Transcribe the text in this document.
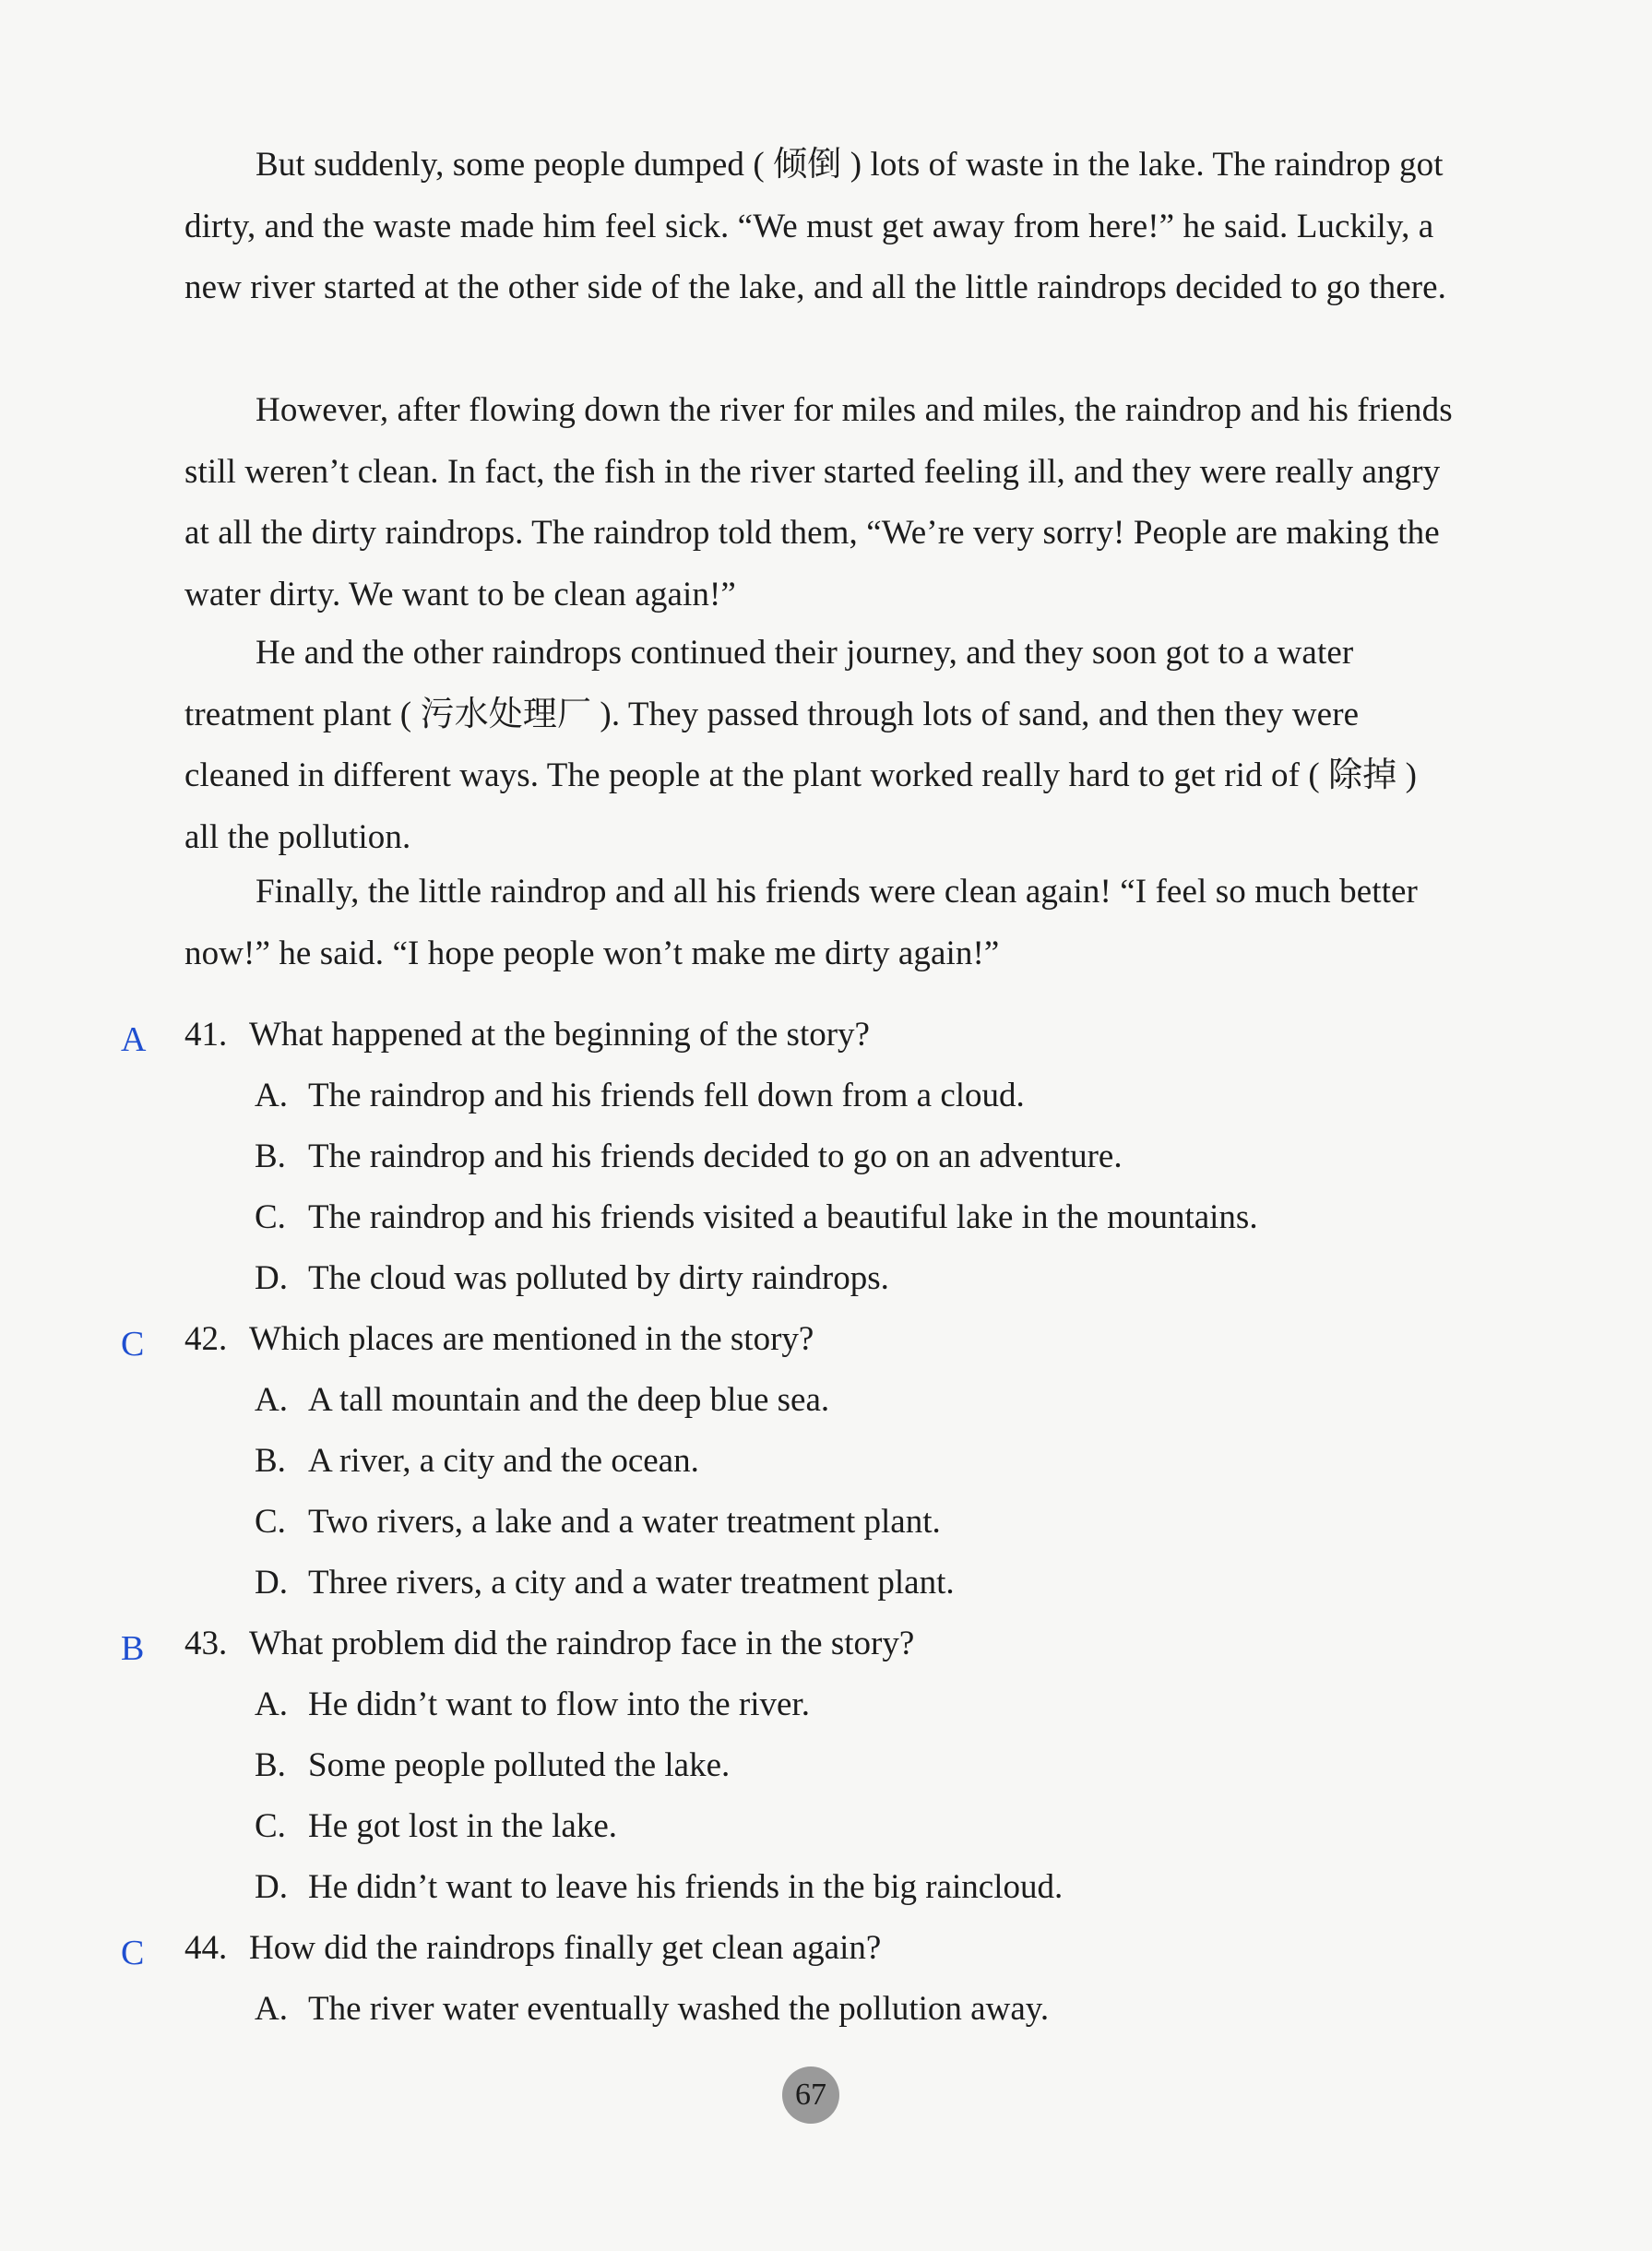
But suddenly, some people dumped ( 倾倒 ) lots of waste in the lake. The raindrop got dirty, and the waste made him feel sick. “We must get away from here!” he said. Luckily, a new river started at the other side of the lake, and all the little raindrops decided to go there.

However, after flowing down the river for miles and miles, the raindrop and his friends still weren’t clean. In fact, the fish in the river started feeling ill, and they were really angry at all the dirty raindrops. The raindrop told them, “We’re very sorry! People are making the water dirty. We want to be clean again!”

He and the other raindrops continued their journey, and they soon got to a water treatment plant ( 污水处理厂 ). They passed through lots of sand, and then they were cleaned in different ways. The people at the plant worked really hard to get rid of ( 除掉 ) all the pollution.

Finally, the little raindrop and all his friends were clean again! “I feel so much better now!” he said. “I hope people won’t make me dirty again!”

A 41. What happened at the beginning of the story?
A. The raindrop and his friends fell down from a cloud.
B. The raindrop and his friends decided to go on an adventure.
C. The raindrop and his friends visited a beautiful lake in the mountains.
D. The cloud was polluted by dirty raindrops.
C 42. Which places are mentioned in the story?
A. A tall mountain and the deep blue sea.
B. A river, a city and the ocean.
C. Two rivers, a lake and a water treatment plant.
D. Three rivers, a city and a water treatment plant.
B 43. What problem did the raindrop face in the story?
A. He didn’t want to flow into the river.
B. Some people polluted the lake.
C. He got lost in the lake.
D. He didn’t want to leave his friends in the big raincloud.
C 44. How did the raindrops finally get clean again?
A. The river water eventually washed the pollution away.
67
